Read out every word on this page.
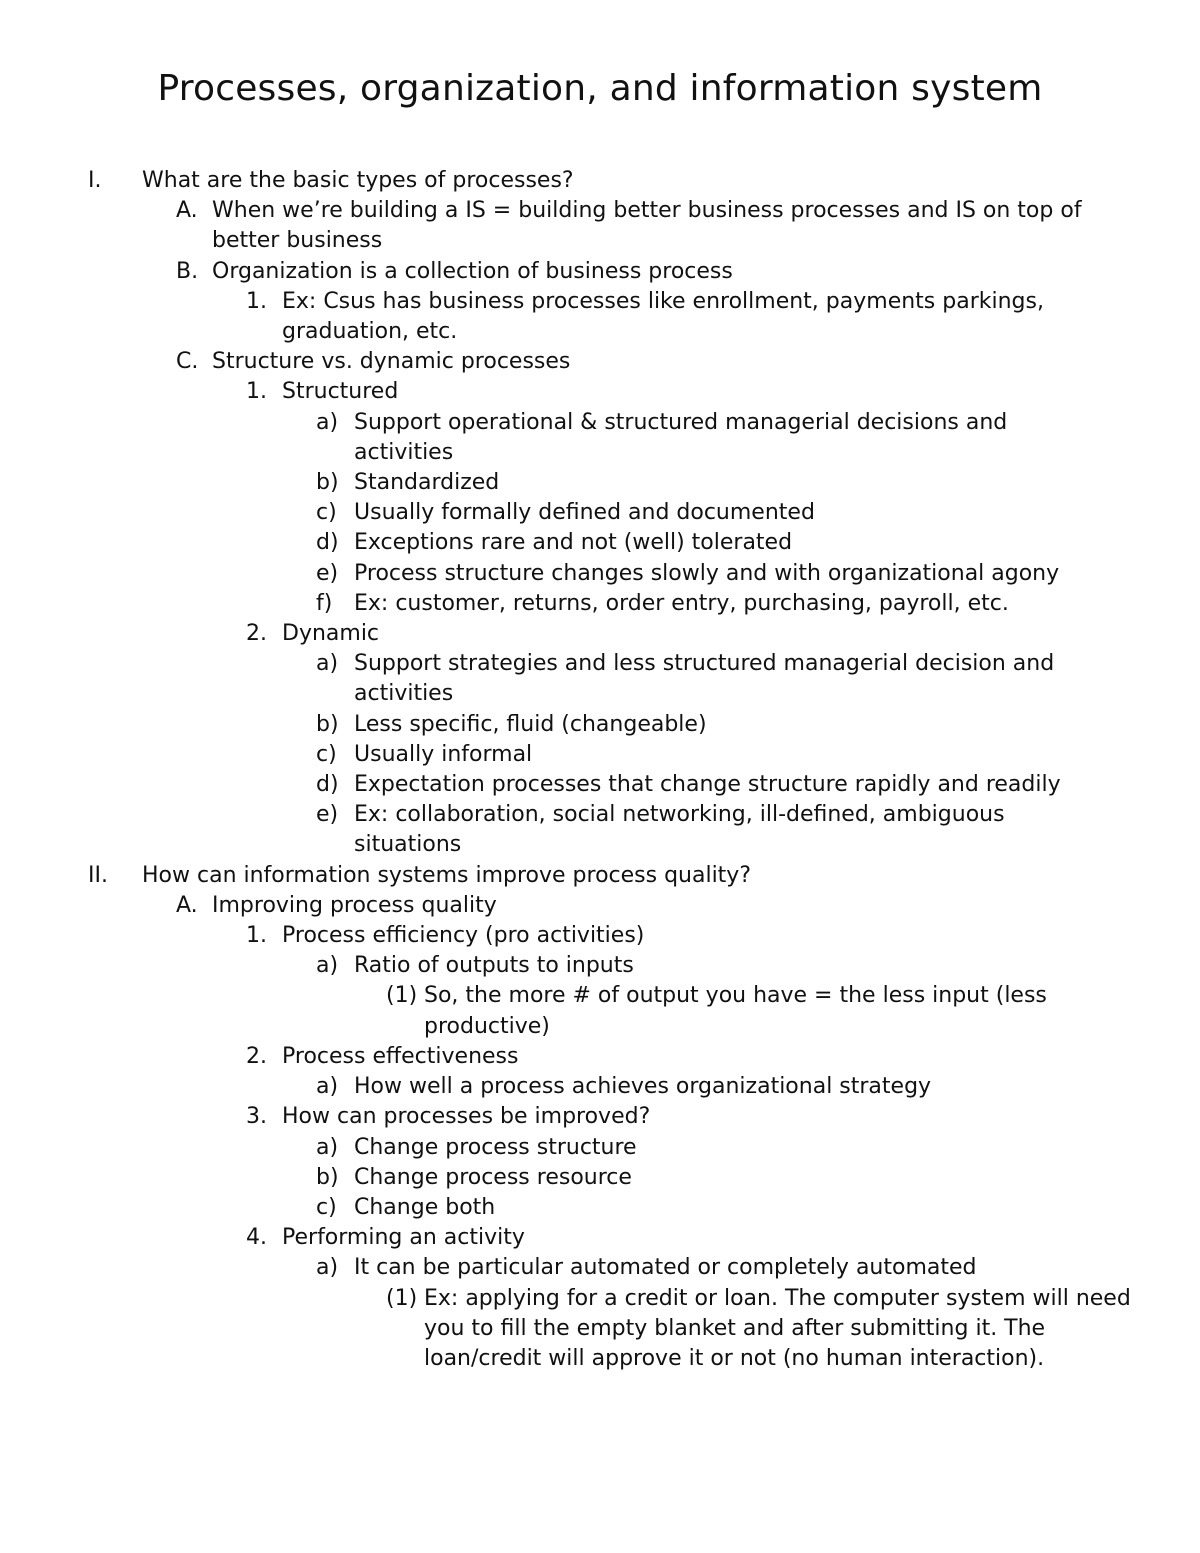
Processes, organization, and information system
I. What are the basic types of processes?
A. When we’re building a IS = building better business processes and IS on top of better business
B. Organization is a collection of business process
1. Ex: Csus has business processes like enrollment, payments parkings, graduation, etc.
C. Structure vs. dynamic processes
1. Structured
a) Support operational & structured managerial decisions and activities
b) Standardized
c) Usually formally defined and documented
d) Exceptions rare and not (well) tolerated
e) Process structure changes slowly and with organizational agony
f) Ex: customer, returns, order entry, purchasing, payroll, etc.
2. Dynamic
a) Support strategies and less structured managerial decision and activities
b) Less specific, fluid (changeable)
c) Usually informal
d) Expectation processes that change structure rapidly and readily
e) Ex: collaboration, social networking, ill-defined, ambiguous situations
II. How can information systems improve process quality?
A. Improving process quality
1. Process efficiency (pro activities)
a) Ratio of outputs to inputs
(1) So, the more # of output you have = the less input (less productive)
2. Process effectiveness
a) How well a process achieves organizational strategy
3. How can processes be improved?
a) Change process structure
b) Change process resource
c) Change both
4. Performing an activity
a) It can be particular automated or completely automated
(1) Ex: applying for a credit or loan. The computer system will need you to fill the empty blanket and after submitting it. The loan/credit will approve it or not (no human interaction).
